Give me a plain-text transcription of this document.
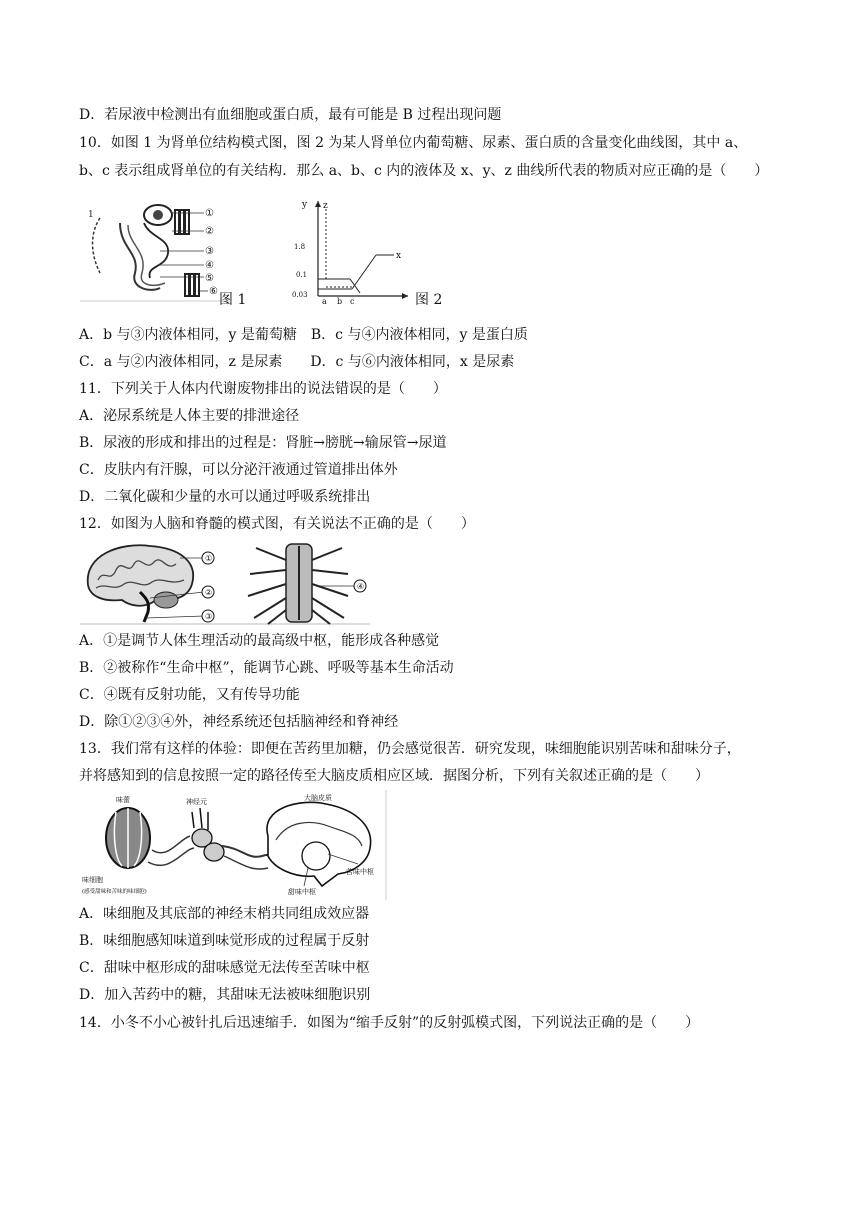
D．若尿液中检测出有血细胞或蛋白质，最有可能是 B 过程出现问题
10．如图 1 为肾单位结构模式图，图 2 为某人肾单位内葡萄糖、尿素、蛋白质的含量变化曲线图，其中 a、
b、c 表示组成肾单位的有关结构．那么 a、b、c 内的液体及 x、y、z 曲线所代表的物质对应正确的是（　　）
1	①
②
③
④
⑤
⑥
图 1
y z
1.8
0.1
0.03
a b c
x
图 2
A．b 与③内液体相同，y 是葡萄糖　B．c 与④内液体相同，y 是蛋白质
C．a 与②内液体相同，z 是尿素　　D．c 与⑥内液体相同，x 是尿素
11．下列关于人体内代谢废物排出的说法错误的是（　　）
A．泌尿系统是人体主要的排泄途径
B．尿液的形成和排出的过程是：肾脏→膀胱→输尿管→尿道
C．皮肤内有汗腺，可以分泌汗液通过管道排出体外
D．二氧化碳和少量的水可以通过呼吸系统排出
12．如图为人脑和脊髓的模式图，有关说法不正确的是（　　）
①
②
③
④
A．①是调节人体生理活动的最高级中枢，能形成各种感觉
B．②被称作“生命中枢”，能调节心跳、呼吸等基本生命活动
C．④既有反射功能，又有传导功能
D．除①②③④外，神经系统还包括脑神经和脊神经
13．我们常有这样的体验：即便在苦药里加糖，仍会感觉很苦．研究发现，味细胞能识别苦味和甜味分子，
并将感知到的信息按照一定的路径传至大脑皮质相应区域．据图分析，下列有关叙述正确的是（　　）
味蕾
味细胞
(感受甜味和苦味的味细胞)
神经元	大脑皮质
苦味中枢
甜味中枢
A．味细胞及其底部的神经末梢共同组成效应器
B．味细胞感知味道到味觉形成的过程属于反射
C．甜味中枢形成的甜味感觉无法传至苦味中枢
D．加入苦药中的糖，其甜味无法被味细胞识别
14．小冬不小心被针扎后迅速缩手．如图为“缩手反射”的反射弧模式图，下列说法正确的是（　　）
